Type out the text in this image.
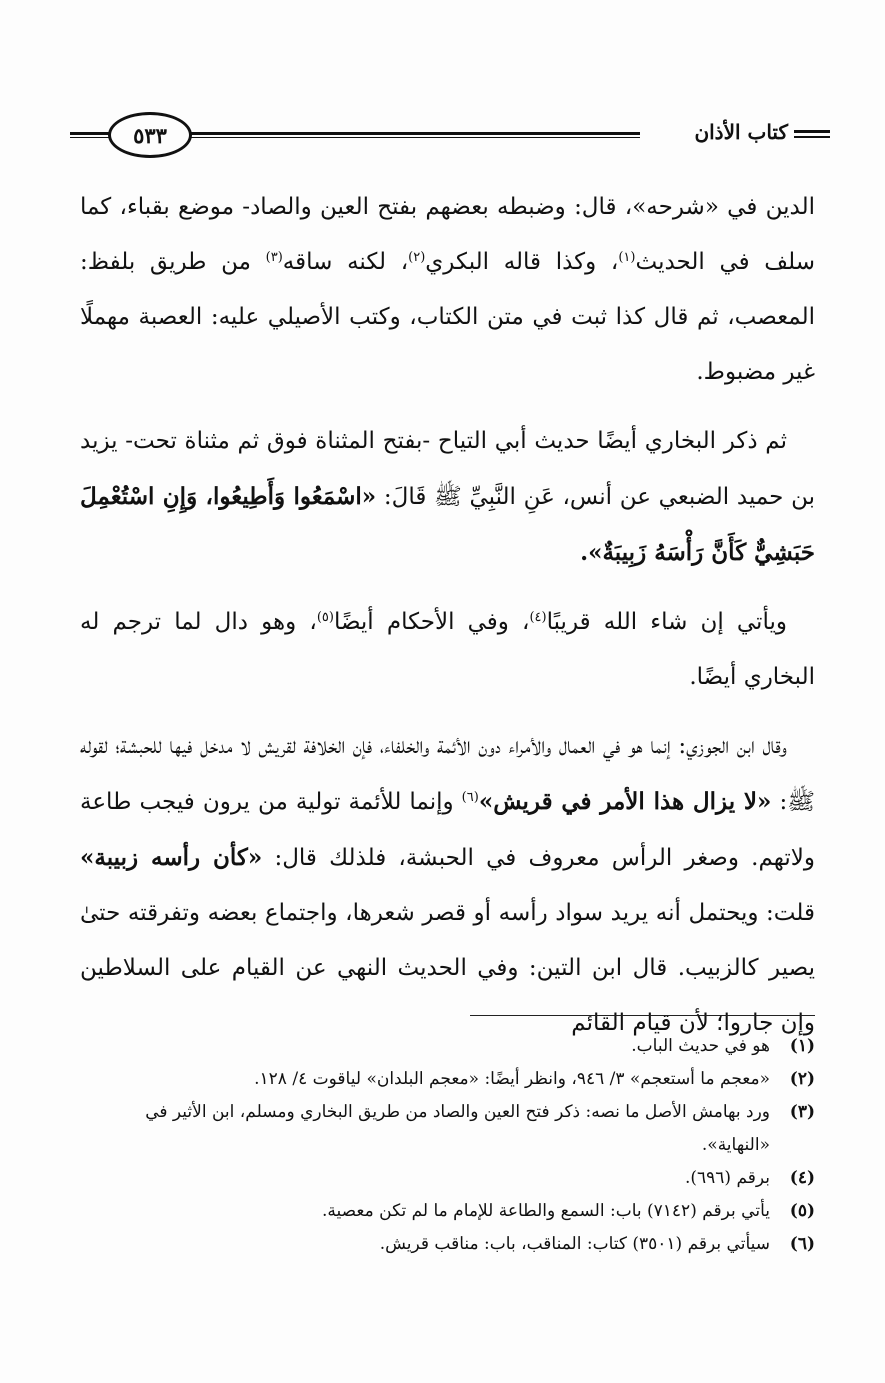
كتاب الأذان
٥٣٣

الدين في «شرحه»، قال: وضبطه بعضهم بفتح العين والصاد- موضع بقباء، كما سلف في الحديث$^{(١)}$، وكذا قاله البكري$^{(٢)}$، لكنه ساقه$^{(٣)}$ من طريق بلفظ: المعصب، ثم قال كذا ثبت في متن الكتاب، وكتب الأصيلي عليه: العصبة مهملًا غير مضبوط.

ثم ذكر البخاري أيضًا حديث أبي التياح -بفتح المثناة فوق ثم مثناة تحت- يزيد بن حميد الضبعي عن أنس، عَنِ النَّبِيِّ ﷺ قَالَ: «اسْمَعُوا وَأَطِيعُوا، وَإِنِ اسْتُعْمِلَ حَبَشِيٌّ كَأَنَّ رَأْسَهُ زَبِيبَةٌ».

ويأتي إن شاء الله قريبًا$^{(٤)}$، وفي الأحكام أيضًا$^{(٥)}$، وهو دال لما ترجم له البخاري أيضًا.

وقال ابن الجوزي: إنما هو في العمال والأمراء دون الأئمة والخلفاء، فإن الخلافة لقريش لا مدخل فيها للحبشة؛ لقوله ﷺ: «لا يزال هذا الأمر في قريش»$^{(٦)}$ وإنما للأئمة تولية من يرون فيجب طاعة ولاتهم. وصغر الرأس معروف في الحبشة، فلذلك قال: «كأن رأسه زبيبة» قلت: ويحتمل أنه يريد سواد رأسه أو قصر شعرها، واجتماع بعضه وتفرقته حتىٰ يصير كالزبيب. قال ابن التين: وفي الحديث النهي عن القيام على السلاطين وإن جاروا؛ لأن قيام القائم

(١)
هو في حديث الباب.
(٢)
«معجم ما أستعجم» ٣/ ٩٤٦، وانظر أيضًا: «معجم البلدان» لياقوت ٤/ ١٢٨.
(٣)
ورد بهامش الأصل ما نصه: ذكر فتح العين والصاد من طريق البخاري ومسلم، ابن الأثير في «النهاية».
(٤)
برقم (٦٩٦).
(٥)
يأتي برقم (٧١٤٢) باب: السمع والطاعة للإمام ما لم تكن معصية.
(٦)
سيأتي برقم (٣٥٠١) كتاب: المناقب، باب: مناقب قريش.
